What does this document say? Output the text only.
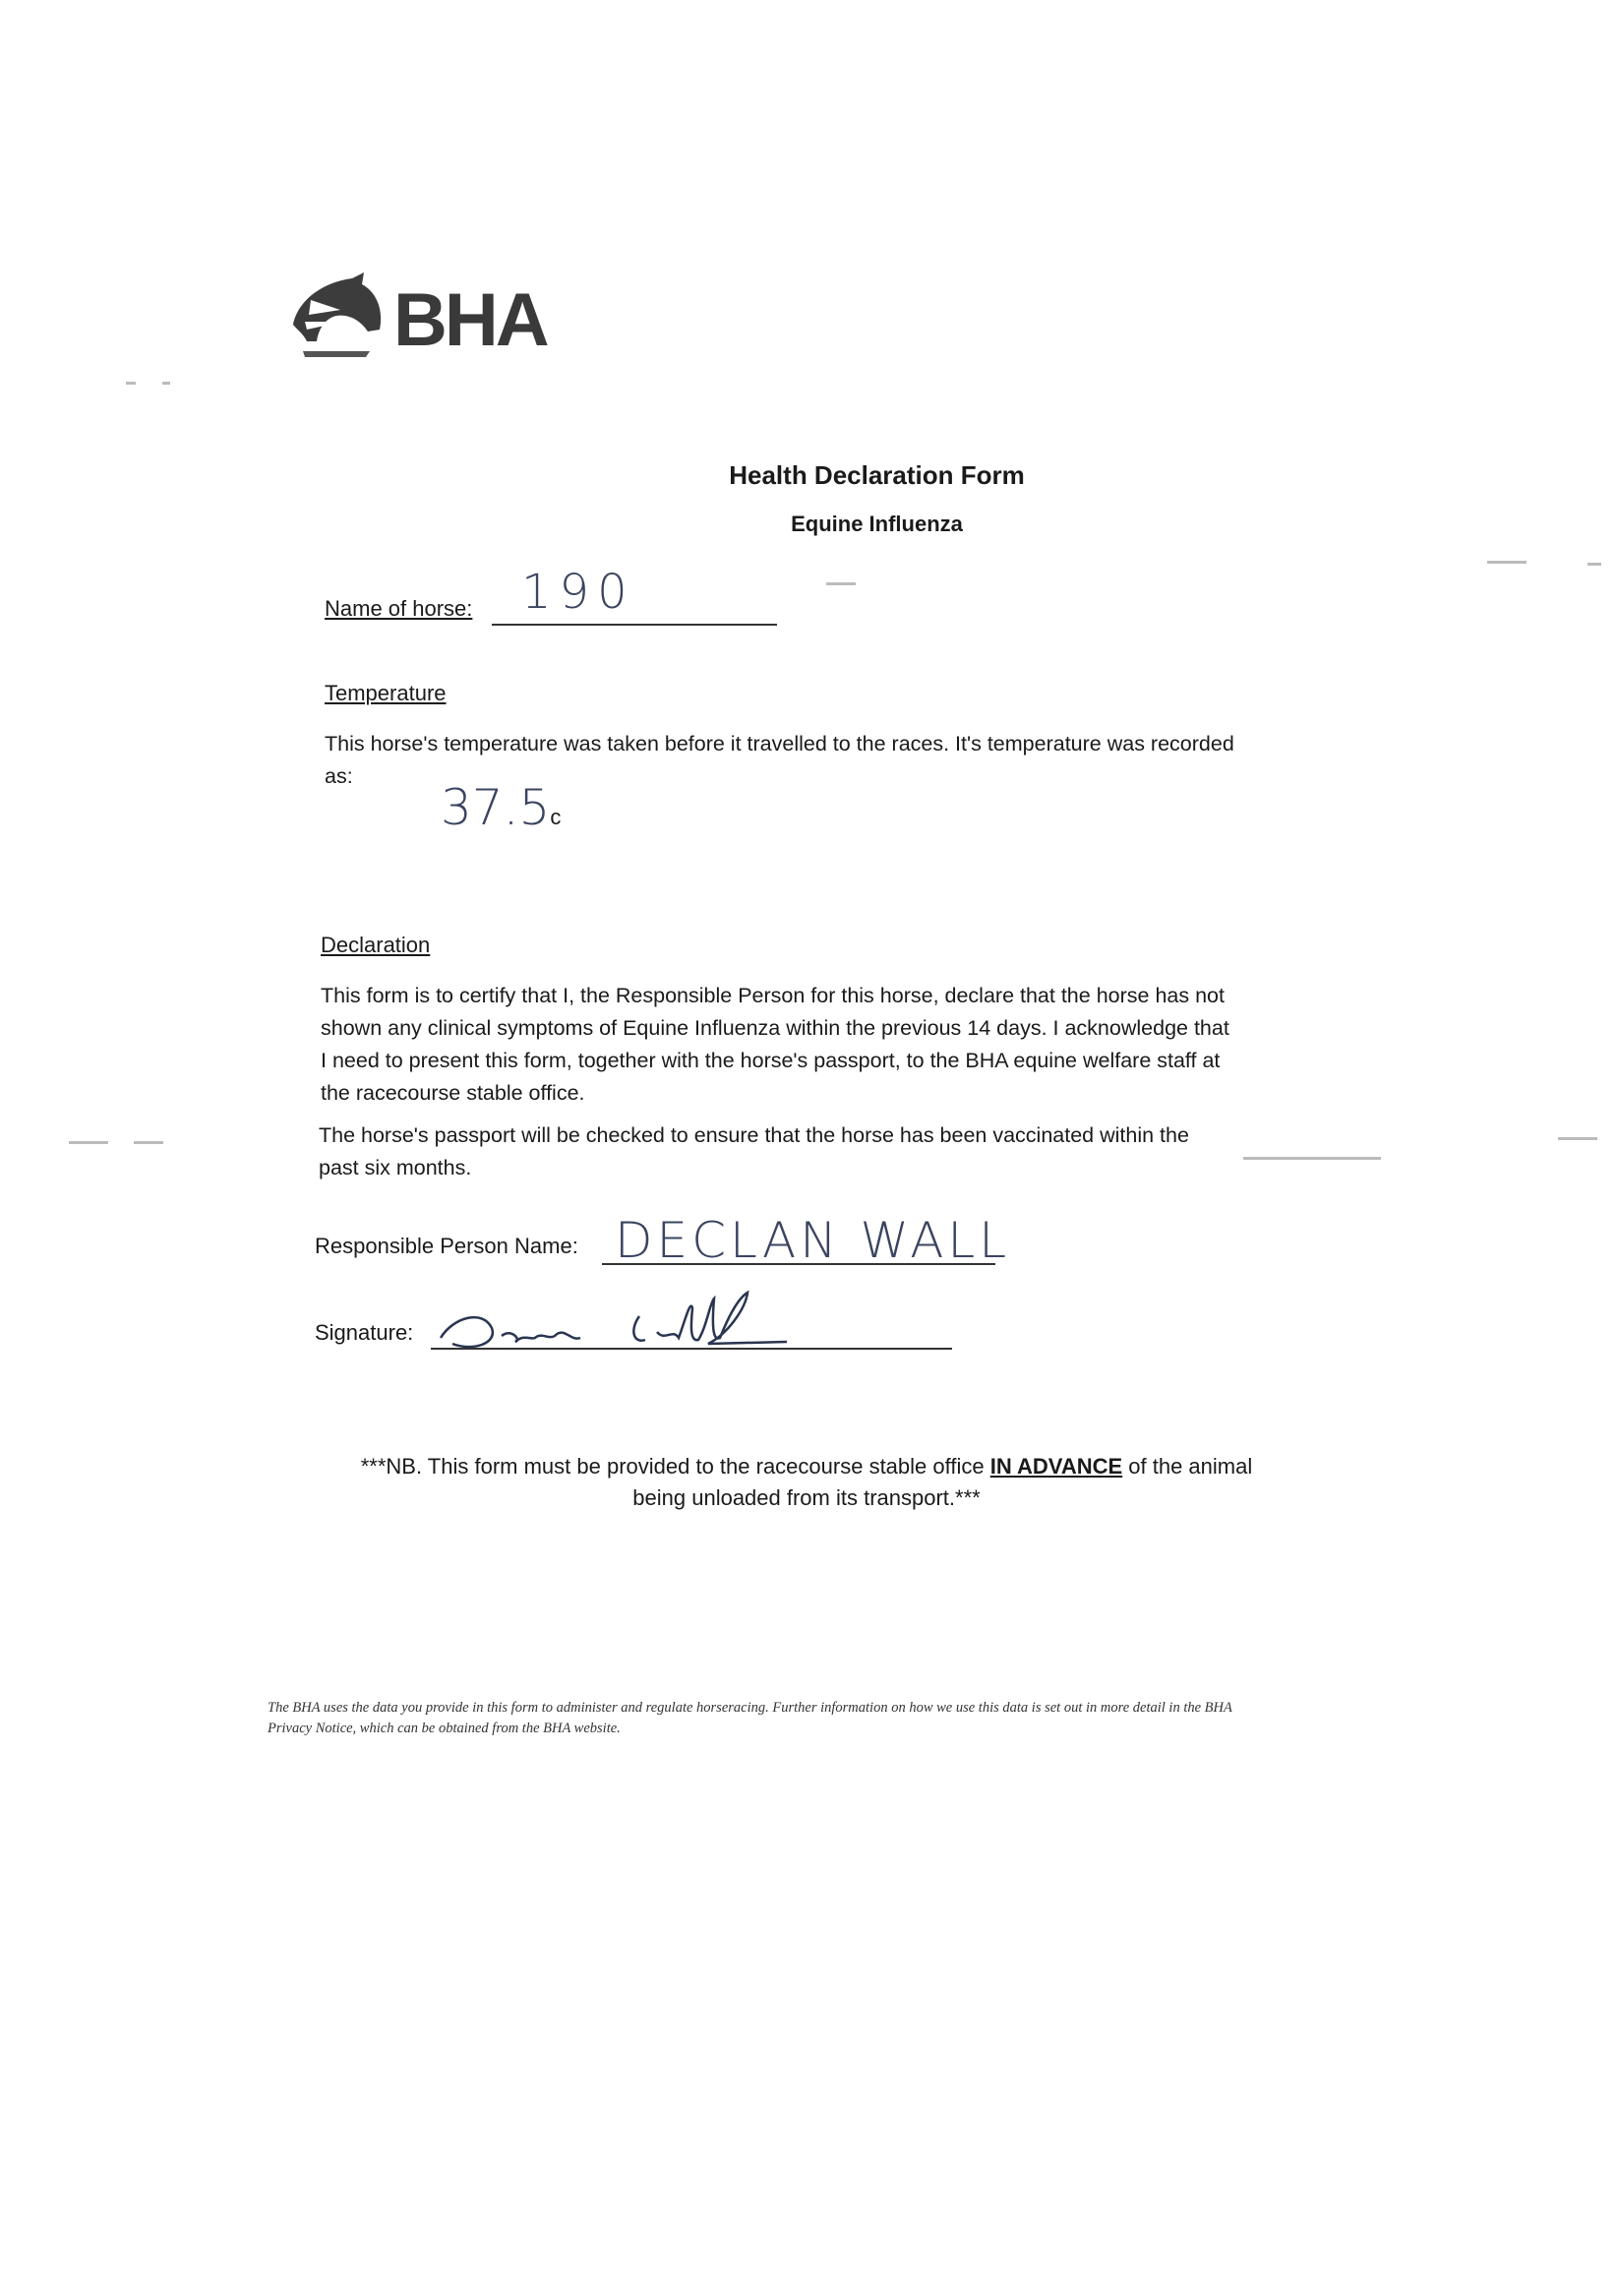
BHA
Health Declaration Form
Equine Influenza
Name of horse: 190
Temperature
This horse's temperature was taken before it travelled to the races. It's temperature was recorded as:
37.5c
Declaration
This form is to certify that I, the Responsible Person for this horse, declare that the horse has not shown any clinical symptoms of Equine Influenza within the previous 14 days. I acknowledge that I need to present this form, together with the horse's passport, to the BHA equine welfare staff at the racecourse stable office.
The horse's passport will be checked to ensure that the horse has been vaccinated within the past six months.
Responsible Person Name: DECLAN WALL
Signature:
***NB. This form must be provided to the racecourse stable office IN ADVANCE of the animal being unloaded from its transport.***
The BHA uses the data you provide in this form to administer and regulate horseracing. Further information on how we use this data is set out in more detail in the BHA Privacy Notice, which can be obtained from the BHA website.
